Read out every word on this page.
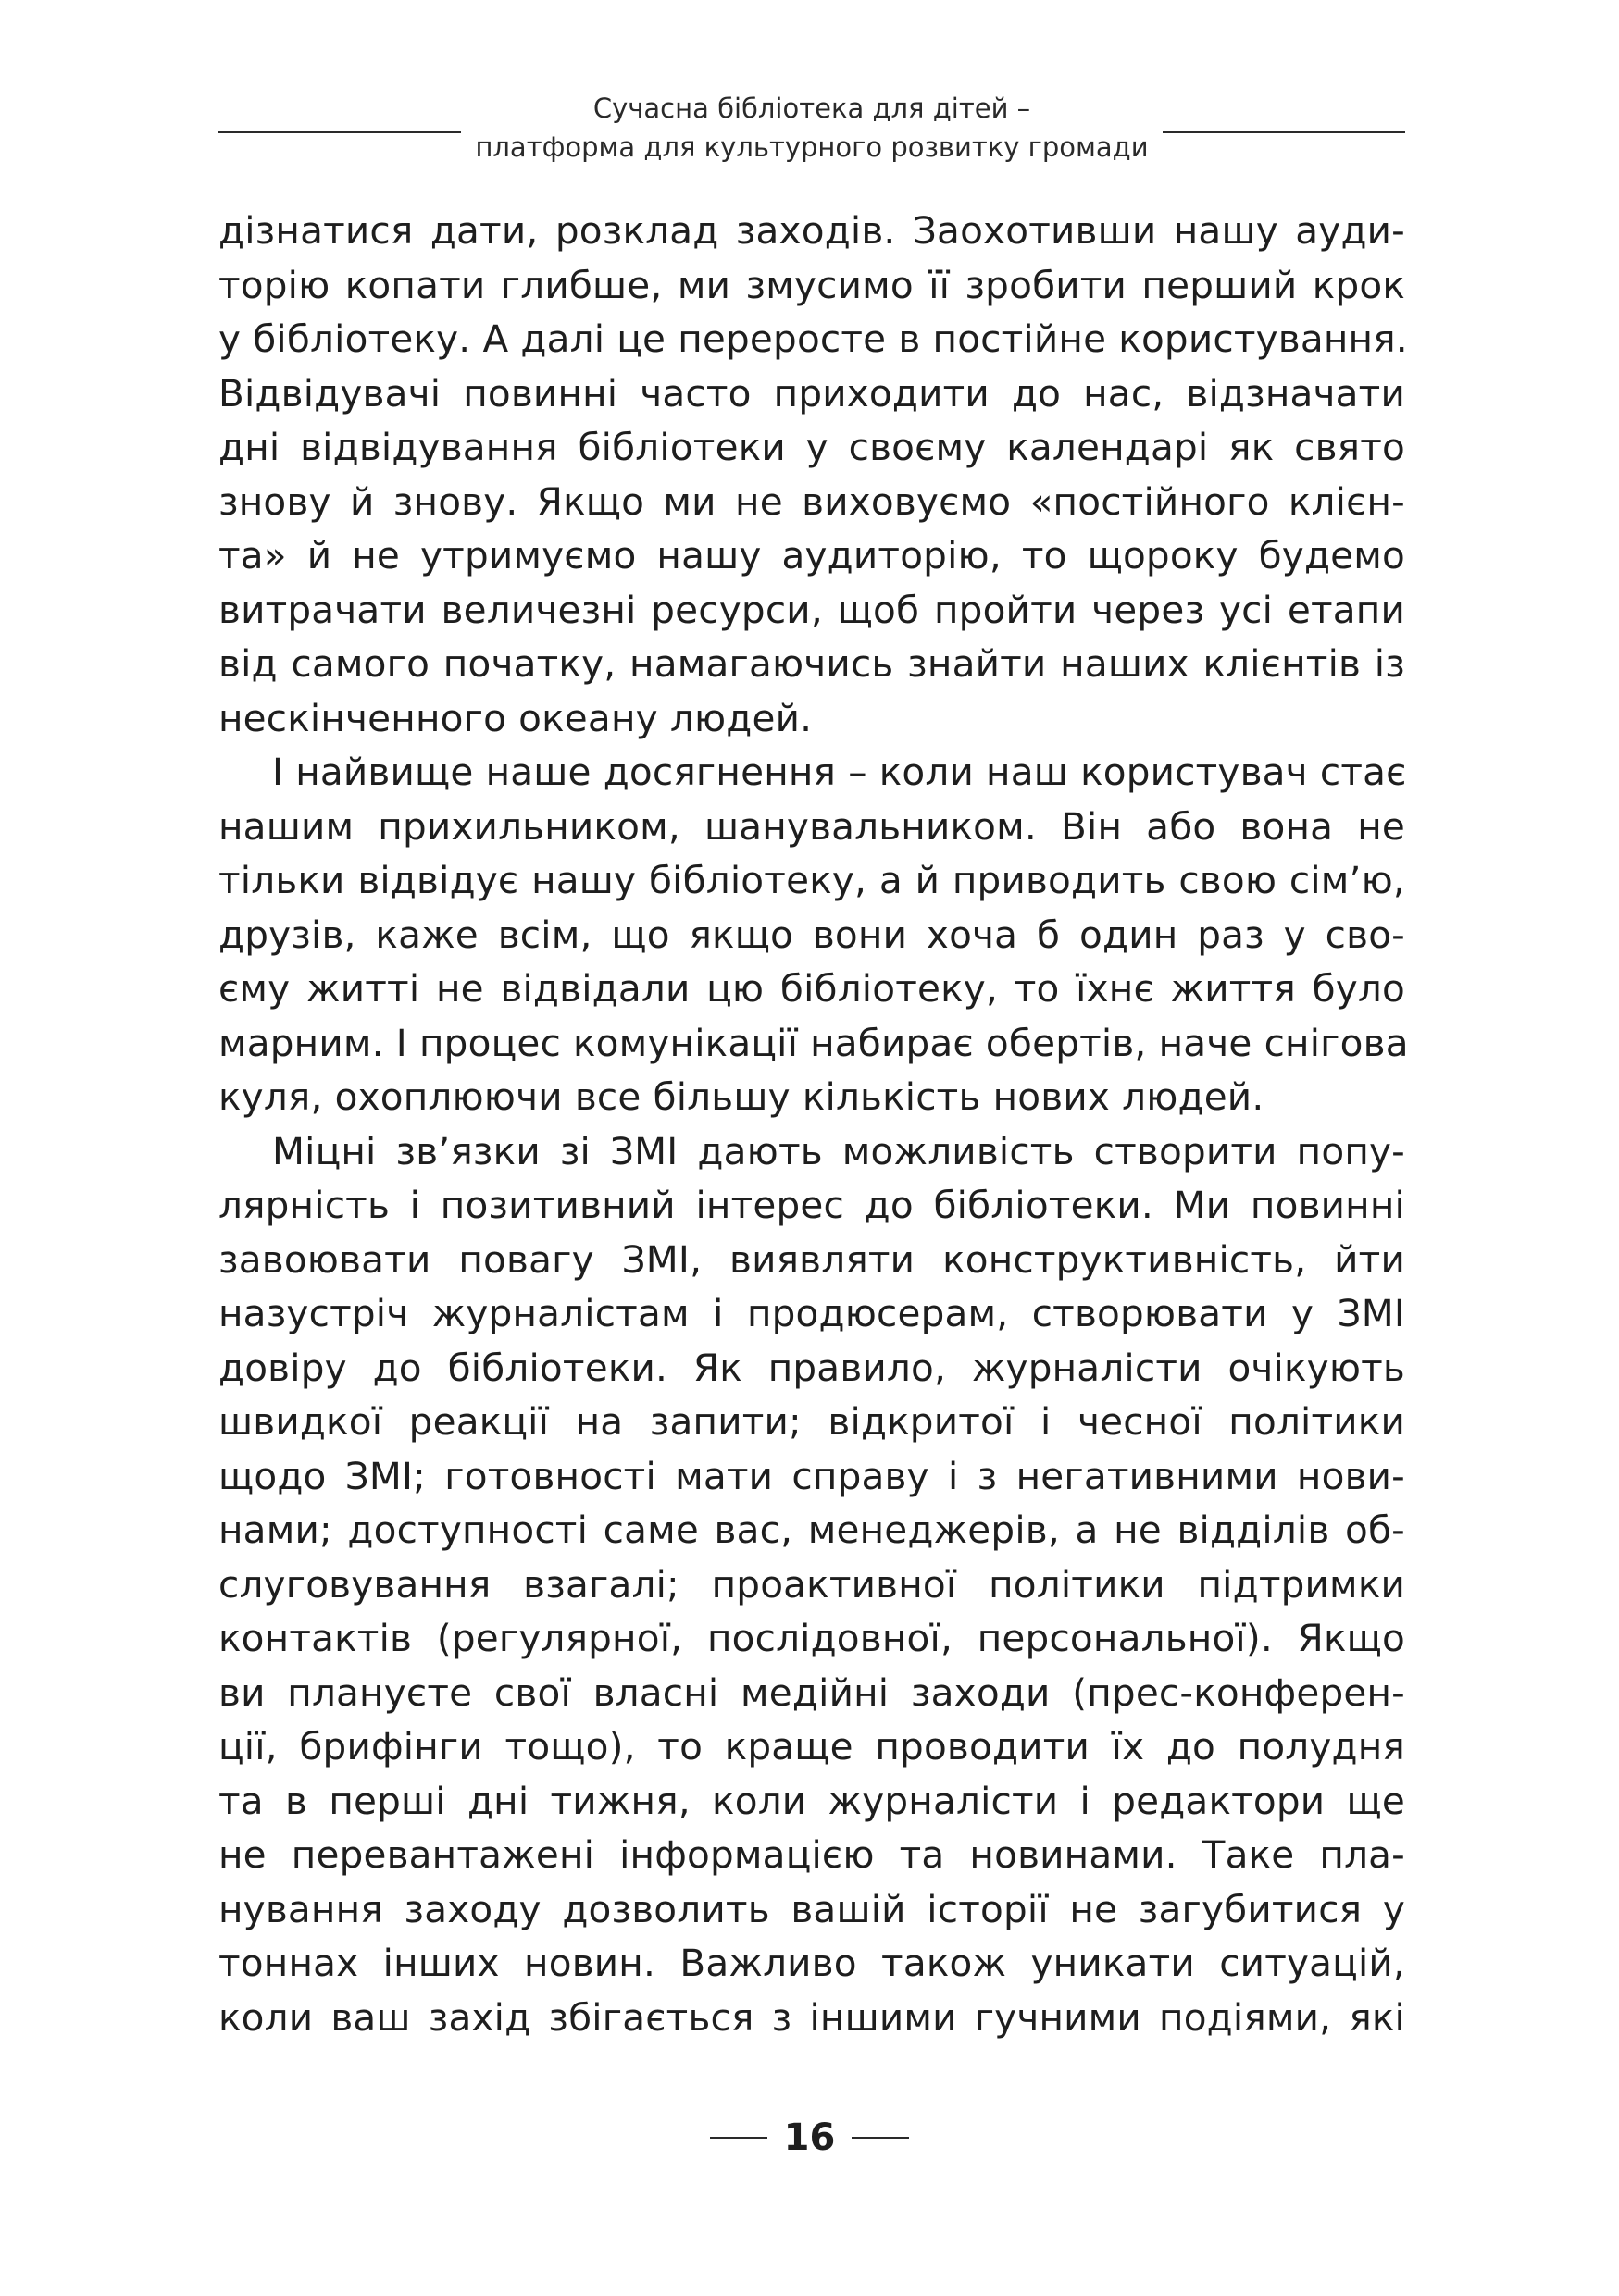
Сучасна бібліотека для дітей –
платформа для культурного розвитку громади
дізнатися дати, розклад заходів. Заохотивши нашу ауди-
торію копати глибше, ми змусимо її зробити перший крок
у бібліотеку. А далі це переросте в постійне користування.
Відвідувачі повинні часто приходити до нас, відзначати
дні відвідування бібліотеки у своєму календарі як свято
знову й знову. Якщо ми не виховуємо «постійного клієн-
та» й не утримуємо нашу аудиторію, то щороку будемо
витрачати величезні ресурси, щоб пройти через усі етапи
від самого початку, намагаючись знайти наших клієнтів із
нескінченного океану людей.
І найвище наше досягнення – коли наш користувач стає
нашим прихильником, шанувальником. Він або вона не
тільки відвідує нашу бібліотеку, а й приводить свою сім’ю,
друзів, каже всім, що якщо вони хоча б один раз у сво-
єму житті не відвідали цю бібліотеку, то їхнє життя було
марним. І процес комунікації набирає обертів, наче снігова
куля, охоплюючи все більшу кількість нових людей.
Міцні зв’язки зі ЗМІ дають можливість створити попу-
лярність і позитивний інтерес до бібліотеки. Ми повинні
завоювати повагу ЗМІ, виявляти конструктивність, йти
назустріч журналістам і продюсерам, створювати у ЗМІ
довіру до бібліотеки. Як правило, журналісти очікують
швидкої реакції на запити; відкритої і чесної політики
щодо ЗМІ; готовності мати справу і з негативними нови-
нами; доступності саме вас, менеджерів, а не відділів об-
слуговування взагалі; проактивної політики підтримки
контактів (регулярної, послідовної, персональної). Якщо
ви плануєте свої власні медійні заходи (прес-конферен-
ції, брифінги тощо), то краще проводити їх до полудня
та в перші дні тижня, коли журналісти і редактори ще
не перевантажені інформацією та новинами. Таке пла-
нування заходу дозволить вашій історії не загубитися у
тоннах інших новин. Важливо також уникати ситуацій,
коли ваш захід збігається з іншими гучними подіями, які
16
